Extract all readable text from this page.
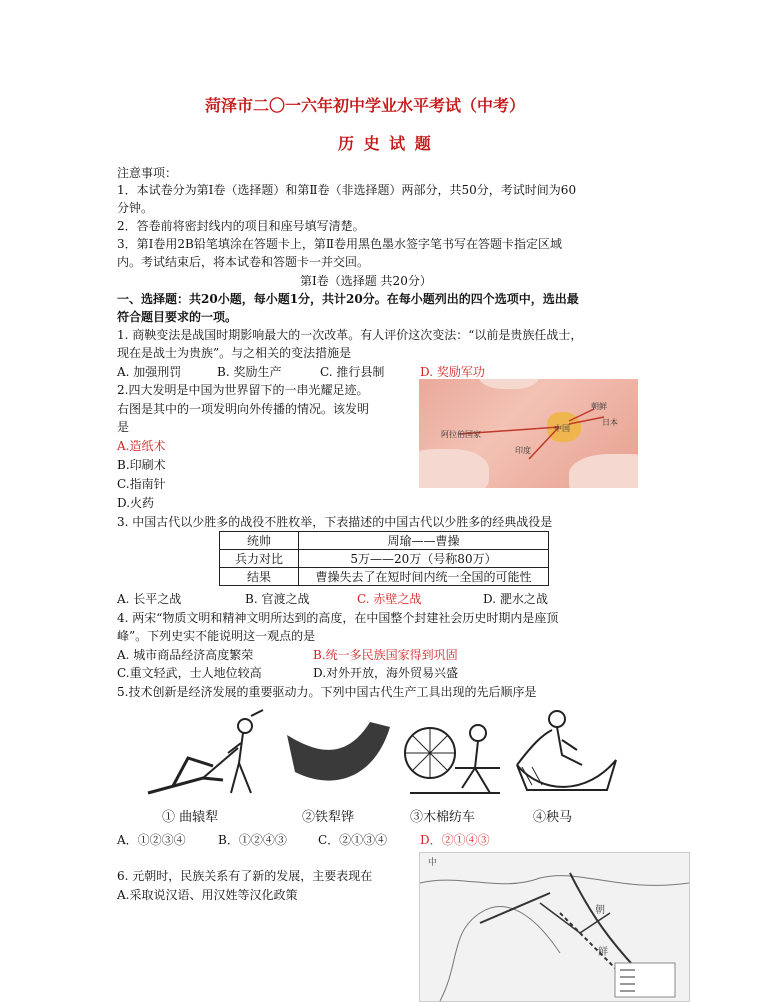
菏泽市二〇一六年初中学业水平考试（中考）
历 史 试 题
注意事项：
1．本试卷分为第Ⅰ卷（选择题）和第Ⅱ卷（非选择题）两部分，共50分，考试时间为60
分钟。
2．答卷前将密封线内的项目和座号填写清楚。
3．第Ⅰ卷用2B铅笔填涂在答题卡上，第Ⅱ卷用黑色墨水签字笔书写在答题卡指定区域
内。考试结束后，将本试卷和答题卡一并交回。
第Ⅰ卷（选择题 共20分）
一、选择题：共20小题，每小题1分，共计20分。在每小题列出的四个选项中，选出最
符合题目要求的一项。
1. 商鞅变法是战国时期影响最大的一次改革。有人评价这次变法：“以前是贵族任战士，
现在是战士为贵族”。与之相关的变法措施是
A. 加强刑罚	B. 奖励生产	C. 推行县制	D. 奖励军功
2.四大发明是中国为世界留下的一串光耀足迹。
右图是其中的一项发明向外传播的情况。该发明
是
A.造纸术
B.印刷术
C.指南针
D.火药
阿拉伯国家
中国
朝鲜
日本
印度
3. 中国古代以少胜多的战役不胜枚举，下表描述的中国古代以少胜多的经典战役是
统帅	周瑜——曹操
兵力对比	5万——20万（号称80万）
结果	曹操失去了在短时间内统一全国的可能性
A. 长平之战	B. 官渡之战	C. 赤壁之战	D. 淝水之战
4. 两宋“物质文明和精神文明所达到的高度，在中国整个封建社会历史时期内是座顶
峰”。下列史实不能说明这一观点的是
A. 城市商品经济高度繁荣	B.统一多民族国家得到巩固
C.重文轻武，士人地位较高	D.对外开放，海外贸易兴盛
5.技术创新是经济发展的重要驱动力。下列中国古代生产工具出现的先后顺序是
① 曲辕犁	②铁犁铧	③木棉纺车	④秧马
A．①②③④	B．①②④③	C．②①③④	D．②①④③
6. 元朝时，民族关系有了新的发展，主要表现在
A.采取说汉语、用汉姓等汉化政策
中
朝
鲜
